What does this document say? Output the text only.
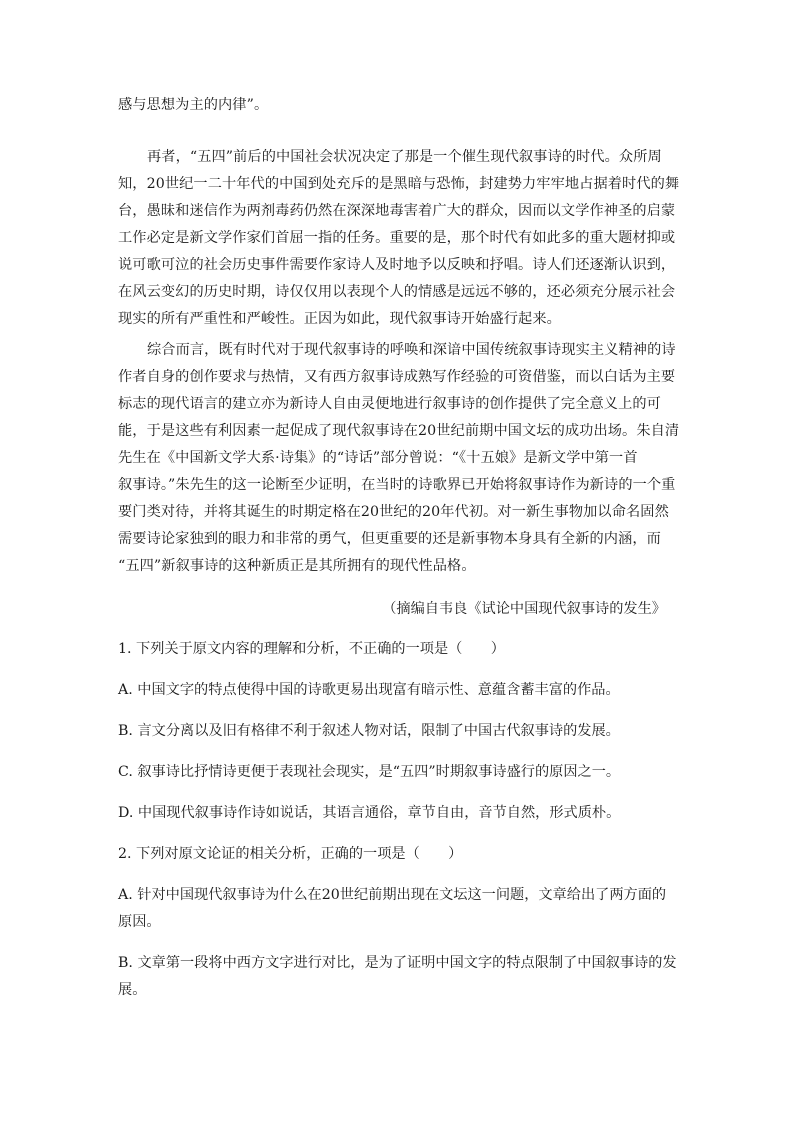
感与思想为主的内律”。

再者，“五四”前后的中国社会状况决定了那是一个催生现代叙事诗的时代。众所周
知，20世纪一二十年代的中国到处充斥的是黑暗与恐怖，封建势力牢牢地占据着时代的舞
台，愚昧和迷信作为两剂毒药仍然在深深地毒害着广大的群众，因而以文学作神圣的启蒙
工作必定是新文学作家们首屈一指的任务。重要的是，那个时代有如此多的重大题材抑或
说可歌可泣的社会历史事件需要作家诗人及时地予以反映和抒唱。诗人们还逐渐认识到，
在风云变幻的历史时期，诗仅仅用以表现个人的情感是远远不够的，还必须充分展示社会
现实的所有严重性和严峻性。正因为如此，现代叙事诗开始盛行起来。

综合而言，既有时代对于现代叙事诗的呼唤和深谙中国传统叙事诗现实主义精神的诗
作者自身的创作要求与热情，又有西方叙事诗成熟写作经验的可资借鉴，而以白话为主要
标志的现代语言的建立亦为新诗人自由灵便地进行叙事诗的创作提供了完全意义上的可
能，于是这些有利因素一起促成了现代叙事诗在20世纪前期中国文坛的成功出场。朱自清
先生在《中国新文学大系·诗集》的“诗话”部分曾说：“《十五娘》是新文学中第一首
叙事诗。”朱先生的这一论断至少证明，在当时的诗歌界已开始将叙事诗作为新诗的一个重
要门类对待，并将其诞生的时期定格在20世纪的20年代初。对一新生事物加以命名固然
需要诗论家独到的眼力和非常的勇气，但更重要的还是新事物本身具有全新的内涵，而
“五四”新叙事诗的这种新质正是其所拥有的现代性品格。

（摘编自韦良《试论中国现代叙事诗的发生》
1. 下列关于原文内容的理解和分析，不正确的一项是（　　）
A. 中国文字的特点使得中国的诗歌更易出现富有暗示性、意蕴含蓄丰富的作品。
B. 言文分离以及旧有格律不利于叙述人物对话，限制了中国古代叙事诗的发展。
C. 叙事诗比抒情诗更便于表现社会现实，是“五四”时期叙事诗盛行的原因之一。
D. 中国现代叙事诗作诗如说话，其语言通俗，章节自由，音节自然，形式质朴。
2. 下列对原文论证的相关分析，正确的一项是（　　）
A. 针对中国现代叙事诗为什么在20世纪前期出现在文坛这一问题，文章给出了两方面的
原因。
B. 文章第一段将中西方文字进行对比，是为了证明中国文字的特点限制了中国叙事诗的发
展。
